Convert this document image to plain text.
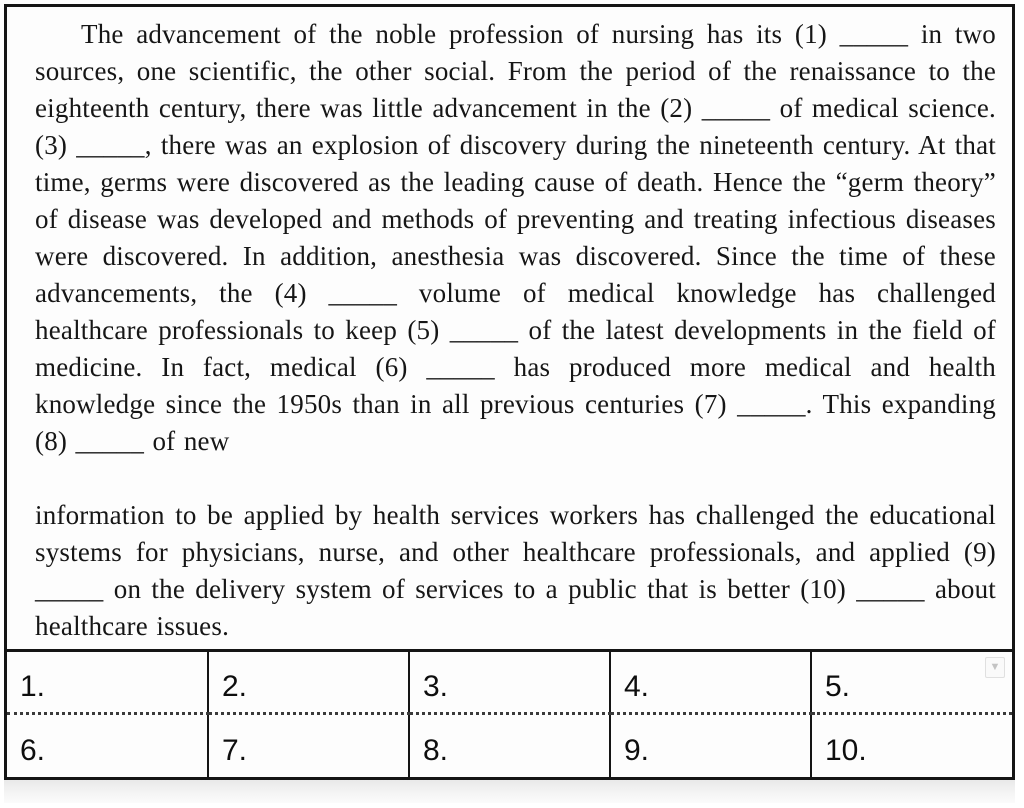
The advancement of the noble profession of nursing has its (1) _____ in two sources, one scientific, the other social. From the period of the renaissance to the eighteenth century, there was little advancement in the (2) _____ of medical science. (3) _____, there was an explosion of discovery during the nineteenth century. At that time, germs were discovered as the leading cause of death. Hence the “germ theory” of disease was developed and methods of preventing and treating infectious diseases were discovered. In addition, anesthesia was discovered. Since the time of these advancements, the (4) _____ volume of medical knowledge has challenged healthcare professionals to keep (5) _____ of the latest developments in the field of medicine. In fact, medical (6) _____ has produced more medical and health knowledge since the 1950s than in all previous centuries (7) _____. This expanding (8) _____ of new

information to be applied by health services workers has challenged the educational systems for physicians, nurse, and other healthcare professionals, and applied (9) _____ on the delivery system of services to a public that is better (10) _____ about healthcare issues.

1.	2.	3.	4.	5.
▼

6.	7.	8.	9.	10.
